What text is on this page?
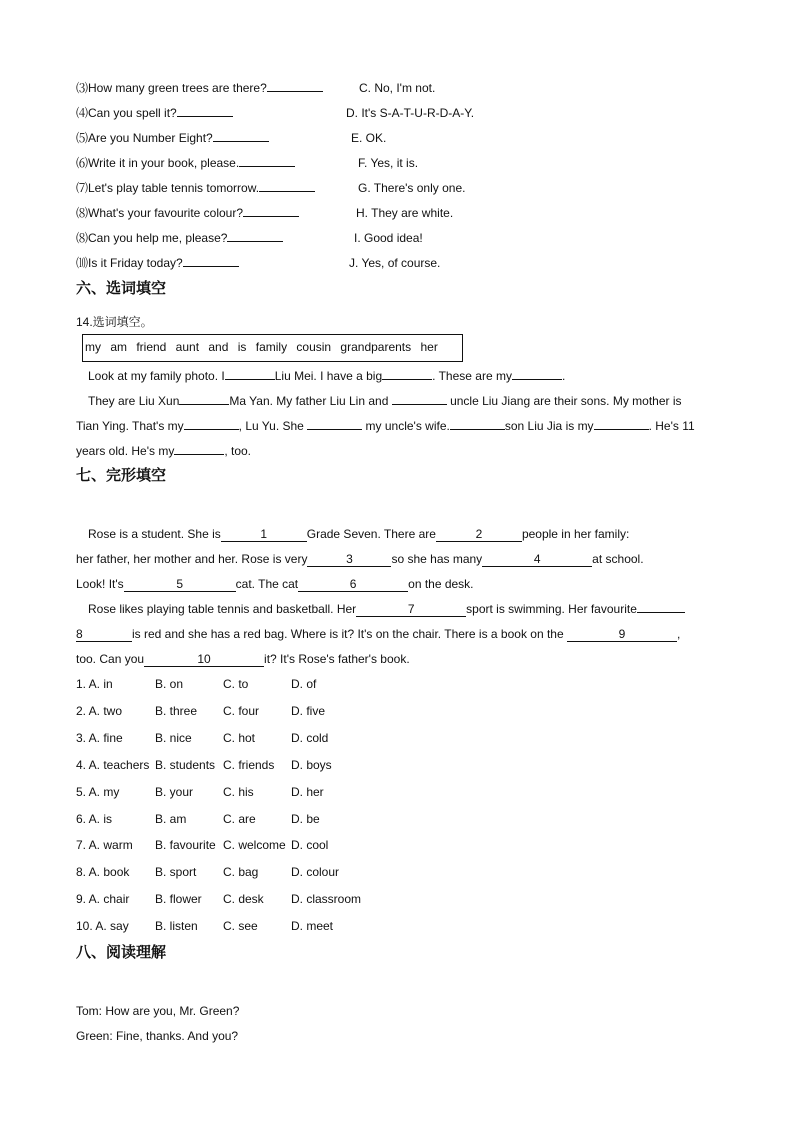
六、选词填空
14.选词填空。
my am friend aunt and is family cousin grandparents her
Look at my family photo. I	Liu Mei. I have a big	. These are my	.
They are Liu Xun	Ma Yan. My father Liu Lin and	uncle Liu Jiang are their sons. My mother is
Tian Ying. That's my	, Lu Yu. She	my uncle's wife.	son Liu Jia is my	. He's 11
years old. He's my	, too.
七、完形填空
Rose is a student. She is	1	Grade Seven. There are	2	people in her family:
her father, her mother and her. Rose is very	3	so she has many	4	at school.
Look! It's	5	cat. The cat	6	on the desk.
Rose likes playing table tennis and basketball. Her	7	sport is swimming. Her favourite
8	is red and she has a red bag. Where is it? It's on the chair. There is a book on the	9	,
too. Can you	10	it? It's Rose's father's book.
八、阅读理解
Tom: How are you, Mr. Green?
Green: Fine, thanks. And you?
⑶How many green trees are there?	C. No, I'm not.
⑷Can you spell it?	D. It's S-A-T-U-R-D-A-Y.
⑸Are you Number Eight?	E. OK.
⑹Write it in your book, please.	F. Yes, it is.
⑺Let's play table tennis tomorrow.	G. There's only one.
⑻What's your favourite colour?	H. They are white.
⑻Can you help me, please?	I. Good idea!
⑽Is it Friday today?	J. Yes, of course.
1. A. in	B. on	C. to	D. of
2. A. two	B. three C. four	D. five
3. A. fine	B. nice	C. hot	D. cold
4. A. teachers B. students C. friends D. boys
5. A. my	B. your C. his	D. her
6. A. is	B. am	C. are	D. be
7. A. warm B. favourite C. welcome D. cool
8. A. book B. sport C. bag	D. colour
9. A. chair B. flower C. desk D. classroom
10. A. say B. listen C. see	D. meet
